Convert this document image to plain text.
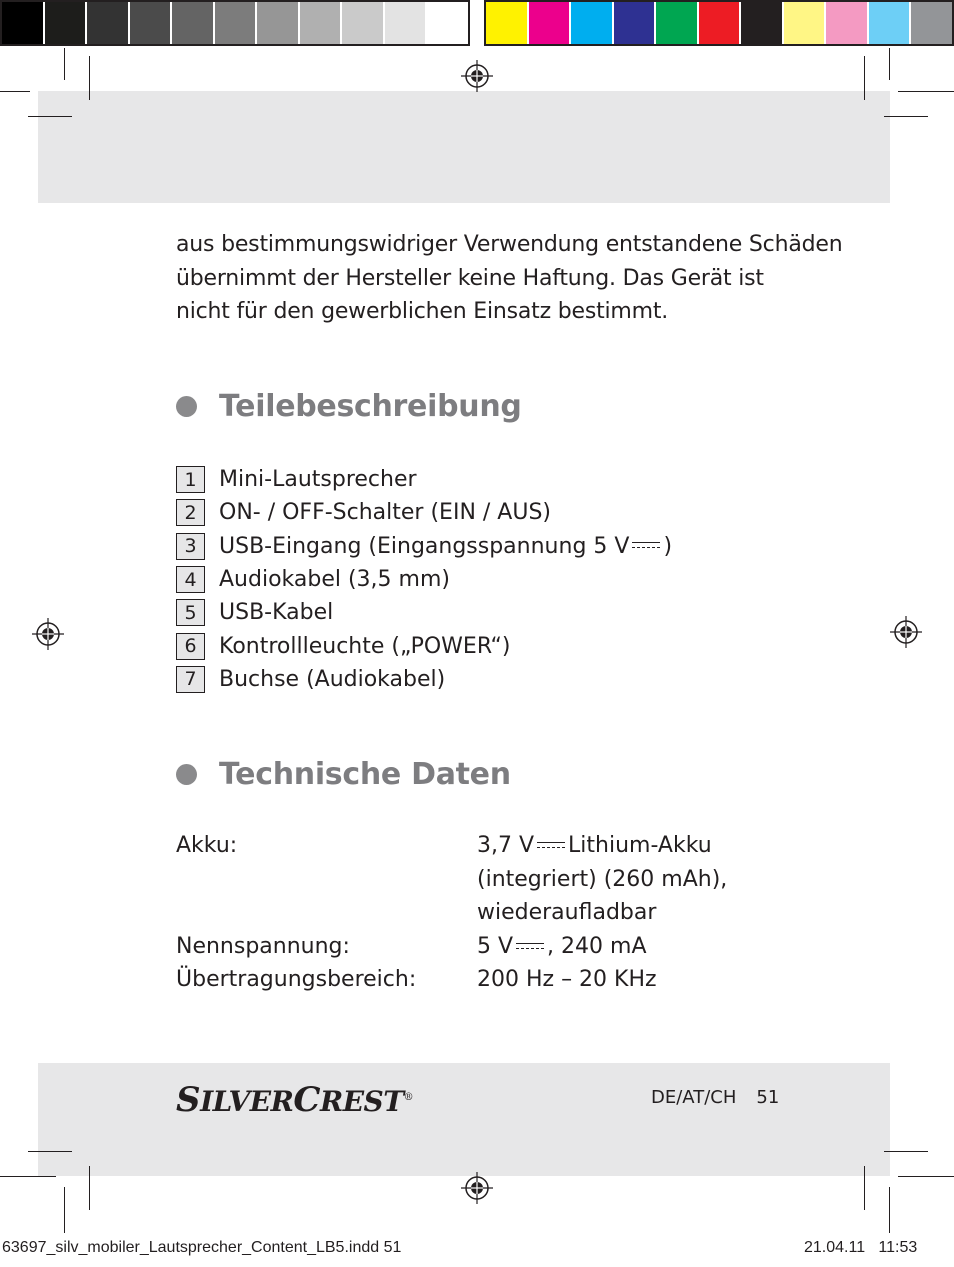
aus bestimmungswidriger Verwendung entstandene Schäden
übernimmt der Hersteller keine Haftung. Das Gerät ist
nicht für den gewerblichen Einsatz bestimmt.
Teilebeschreibung
1	Mini-Lautsprecher
2	ON- / OFF-Schalter (EIN / AUS)
3	USB-Eingang (Eingangsspannung 5 V )
4	Audiokabel (3,5 mm)
5	USB-Kabel
6	Kontrollleuchte („POWER“)
7	Buchse (Audiokabel)
Technische Daten
Akku:	3,7 V Lithium-Akku
(integriert) (260 mAh),
wiederaufladbar
Nennspannung:	5 V , 240 mA
Übertragungsbereich:	200 Hz – 20 KHz
SILVERCREST®	DE/AT/CH 51
63697_silv_mobiler_Lautsprecher_Content_LB5.indd 51	21.04.11   11:53
